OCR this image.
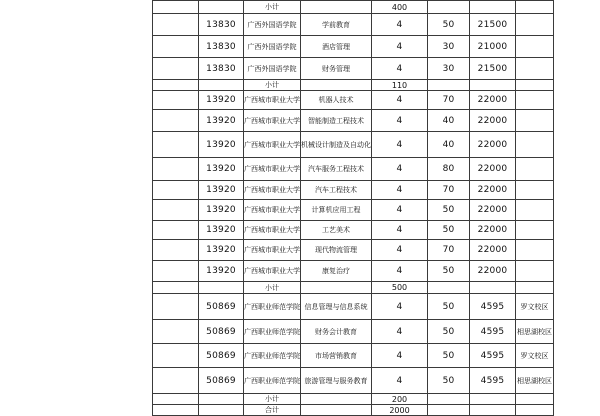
		小计		400			
	13830	广西外国语学院	学前教育	4	50	21500	
	13830	广西外国语学院	酒店管理	4	30	21000	
	13830	广西外国语学院	财务管理	4	30	21500	
		小计		110			
	13920	广西城市职业大学	机器人技术	4	70	22000	
	13920	广西城市职业大学	智能制造工程技术	4	40	22000	
	13920	广西城市职业大学	机械设计制造及自动化	4	40	22000	
	13920	广西城市职业大学	汽车服务工程技术	4	80	22000	
	13920	广西城市职业大学	汽车工程技术	4	70	22000	
	13920	广西城市职业大学	计算机应用工程	4	50	22000	
	13920	广西城市职业大学	工艺美术	4	50	22000	
	13920	广西城市职业大学	现代物流管理	4	70	22000	
	13920	广西城市职业大学	康复治疗	4	50	22000	
		小计		500			
	50869	广西职业师范学院	信息管理与信息系统	4	50	4595	罗文校区
	50869	广西职业师范学院	财务会计教育	4	50	4595	相思湖校区
	50869	广西职业师范学院	市场营销教育	4	50	4595	罗文校区
	50869	广西职业师范学院	旅游管理与服务教育	4	50	4595	相思湖校区
		小计		200			
		合计		2000			
